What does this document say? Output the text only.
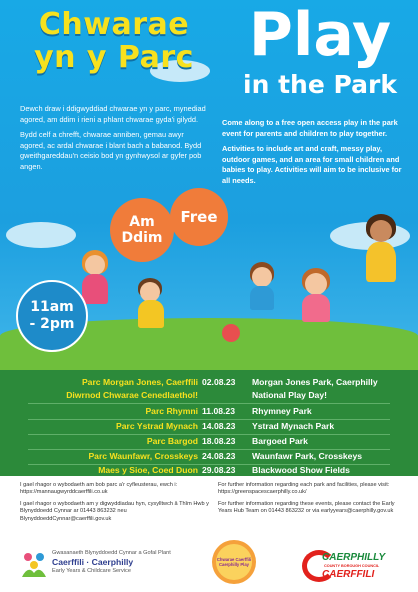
Chwarae
yn y Parc Play
in the Park

Dewch draw i ddigwyddiad chwarae yn y parc, mynediad agored, am ddim i rieni a phlant chwarae gyda'i gilydd.

Bydd celf a chrefft, chwarae anniben, gemau awyr agored, ac ardal chwarae i blant bach a babanod. Bydd gweithgareddau'n ceisio bod yn gynhwysol ar gyfer pob angen.

Come along to a free open access play in the park event for parents and children to play together.

Activities to include art and craft, messy play, outdoor games, and an area for small children and babies to play. Activities will aim to be inclusive for all needs.

Am
Ddim
Free
11am
- 2pm
Parc Morgan Jones, Caerffili 02.08.23 Morgan Jones Park, Caerphilly
Diwrnod Chwarae Cenedlaethol!	National Play Day!
Parc Rhymni 11.08.23 Rhymney Park
Parc Ystrad Mynach 14.08.23 Ystrad Mynach Park
Parc Bargod 18.08.23 Bargoed Park
Parc Waunfawr, Crosskeys 24.08.23 Waunfawr Park, Crosskeys
Maes y Sioe, Coed Duon 29.08.23 Blackwood Show Fields

I gael rhagor o wybodaeth am bob parc a'r cyfleusterau, ewch i: https://mannaugwyrddcaerffili.co.uk

I gael rhagor o wybodaeth am y digwyddiadau hyn, cysylltwch â Thîm Hwb y Blynyddoedd Cynnar ar 01443 863232 neu BlynyddoeddCynnar@caerffili.gov.uk

For further information regarding each park and facilities, please visit: https://greenspacescaerphilly.co.uk/

For further information regarding these events, please contact the Early Years Hub Team on 01443 863232 or via earlyyears@caerphilly.gov.uk

Gwasanaeth Blynyddoedd Cynnar a Gofal Plant
Caerffili · Caerphilly
Early Years & Childcare Service
Chwarae Caerffili Caerphilly Play
CAERPHILLY
COUNTY BOROUGH COUNCIL
CAERFFILI
